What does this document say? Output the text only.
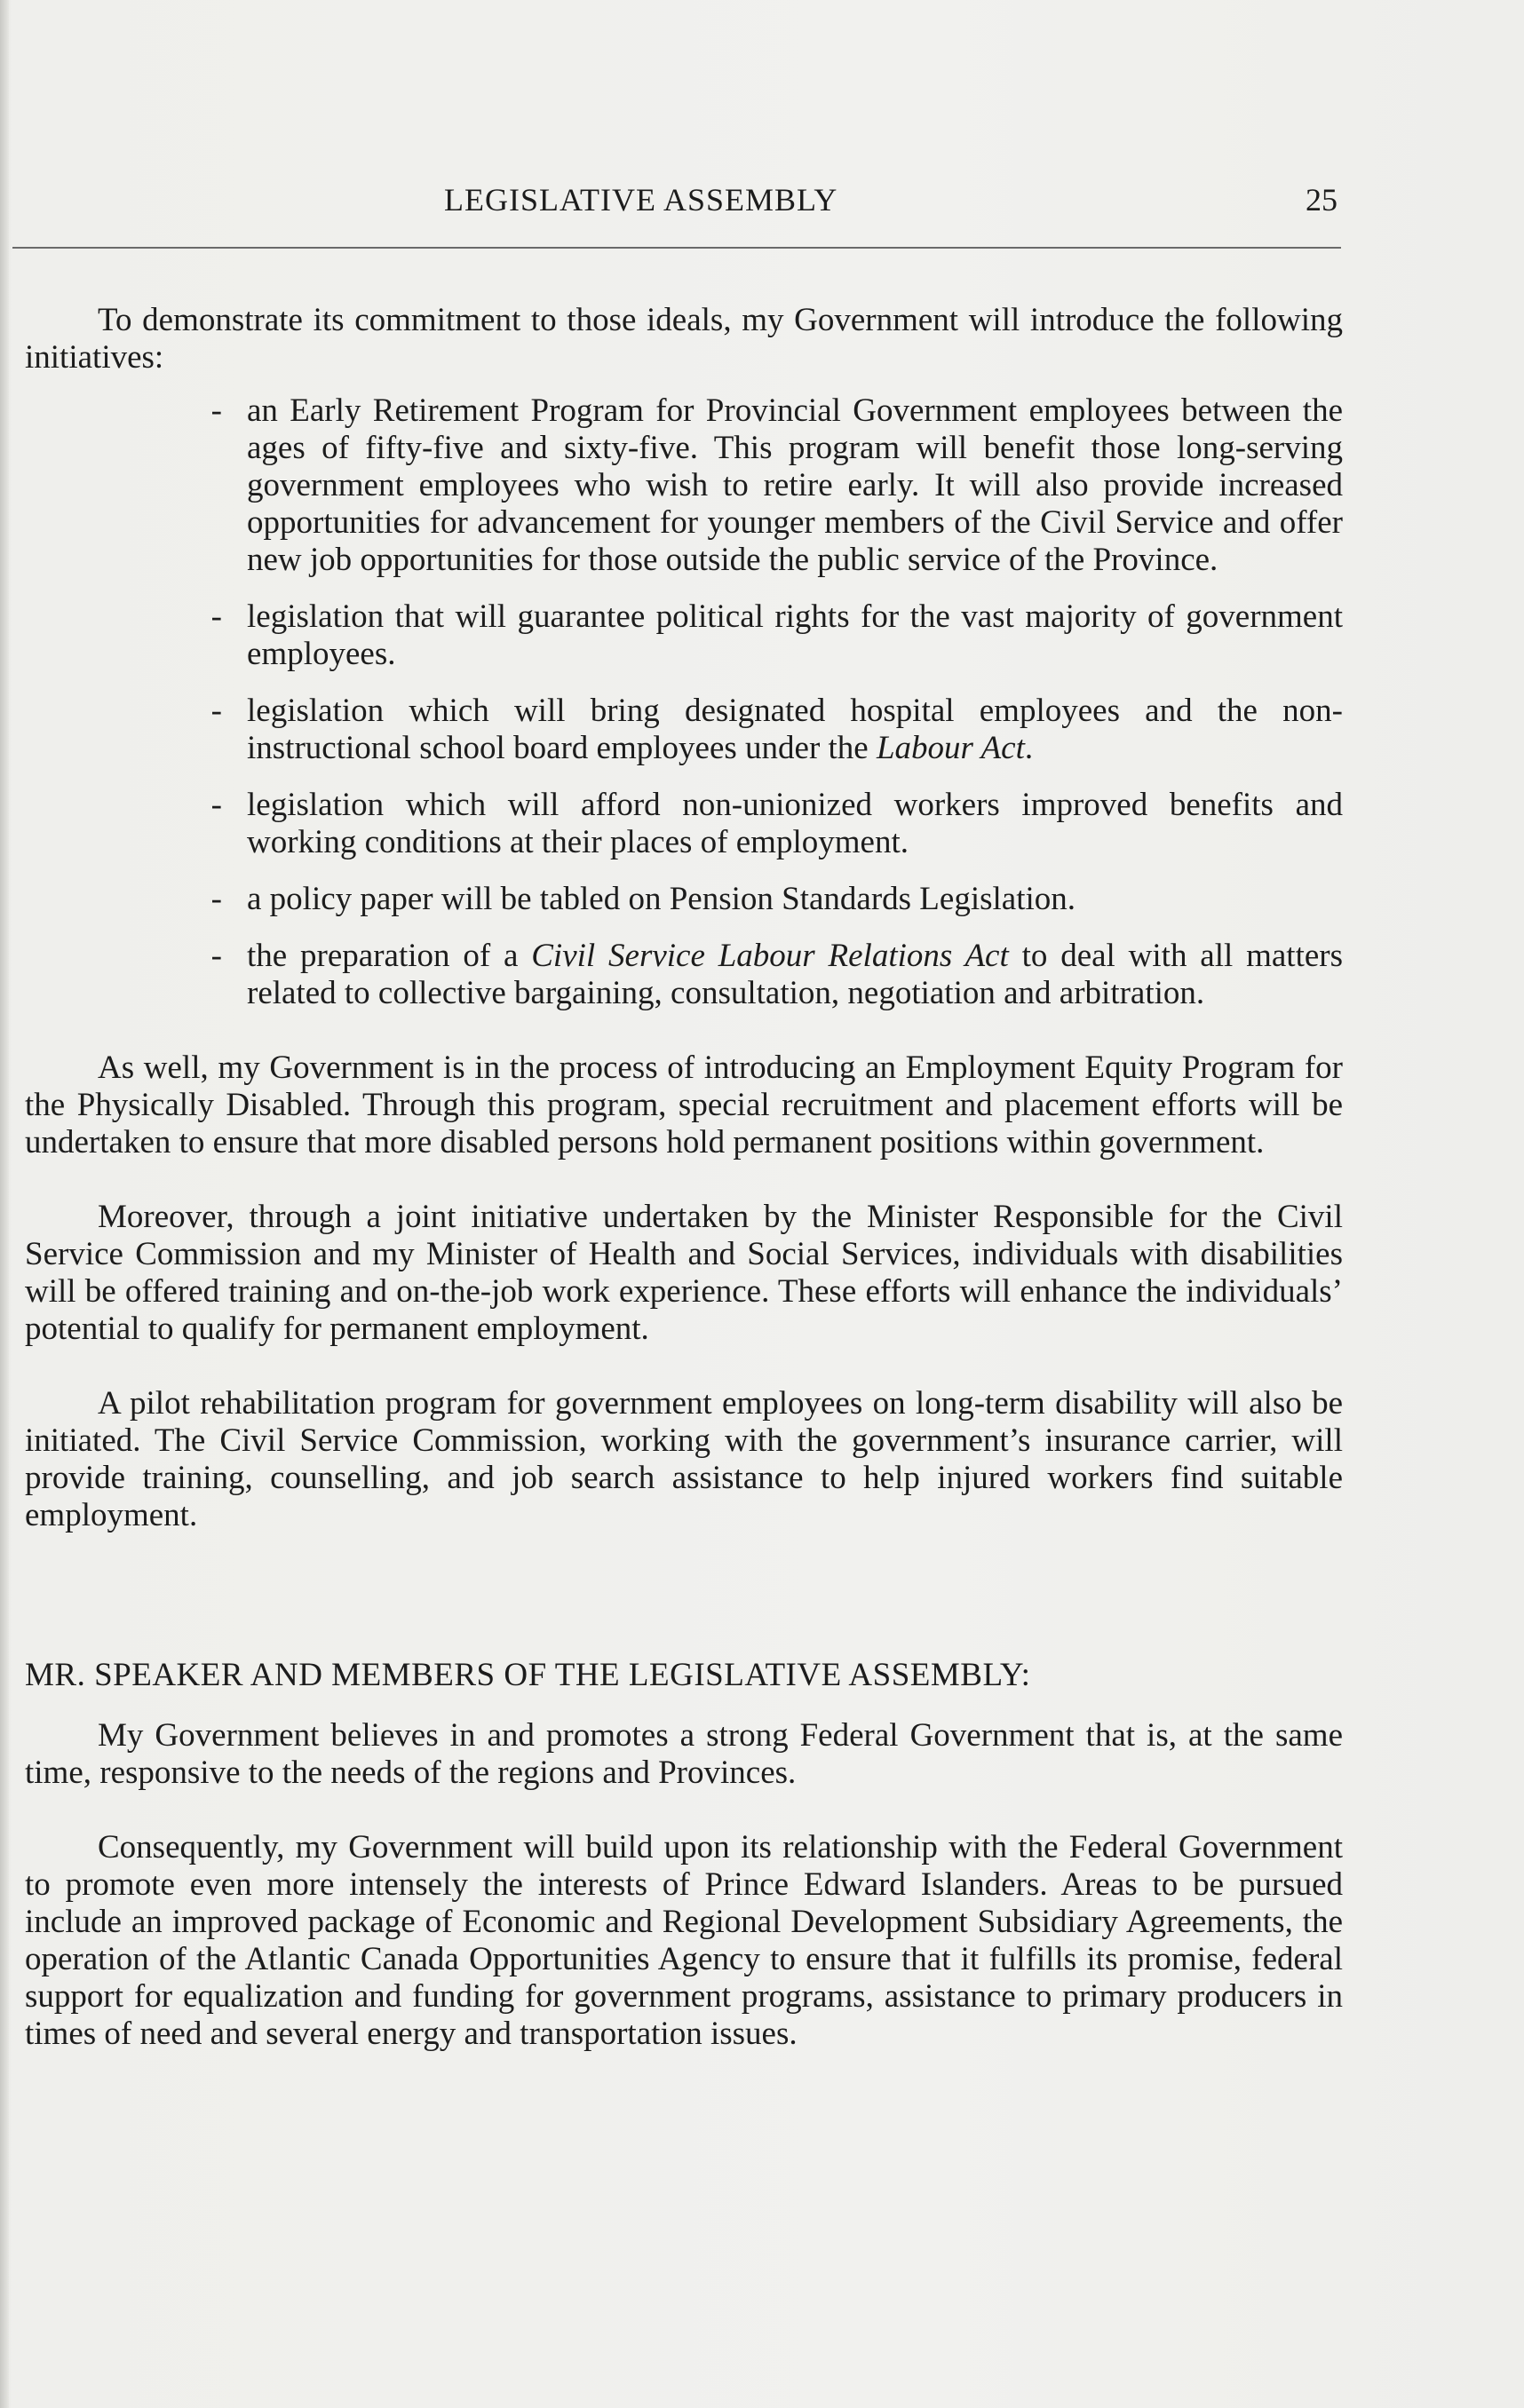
LEGISLATIVE ASSEMBLY	25

To demonstrate its commitment to those ideals, my Government will introduce the following initiatives:

- an Early Retirement Program for Provincial Government employees between the ages of fifty-five and sixty-five. This program will benefit those long-serving government employees who wish to retire early. It will also provide increased opportunities for advancement for younger members of the Civil Service and offer new job opportunities for those outside the public service of the Province.
- legislation that will guarantee political rights for the vast majority of government employees.
- legislation which will bring designated hospital employees and the non-instructional school board employees under the Labour Act.
- legislation which will afford non-unionized workers improved benefits and working conditions at their places of employment.
- a policy paper will be tabled on Pension Standards Legislation.
- the preparation of a Civil Service Labour Relations Act to deal with all matters related to collective bargaining, consultation, negotiation and arbitration.

As well, my Government is in the process of introducing an Employment Equity Program for the Physically Disabled. Through this program, special recruitment and placement efforts will be undertaken to ensure that more disabled persons hold permanent positions within government.

Moreover, through a joint initiative undertaken by the Minister Responsible for the Civil Service Commission and my Minister of Health and Social Services, individuals with disabilities will be offered training and on-the-job work experience. These efforts will enhance the individuals’ potential to qualify for permanent employment.

A pilot rehabilitation program for government employees on long-term disability will also be initiated. The Civil Service Commission, working with the government’s insurance carrier, will provide training, counselling, and job search assistance to help injured workers find suitable employment.

MR. SPEAKER AND MEMBERS OF THE LEGISLATIVE ASSEMBLY:

My Government believes in and promotes a strong Federal Government that is, at the same time, responsive to the needs of the regions and Provinces.

Consequently, my Government will build upon its relationship with the Federal Government to promote even more intensely the interests of Prince Edward Islanders. Areas to be pursued include an improved package of Economic and Regional Development Subsidiary Agreements, the operation of the Atlantic Canada Opportunities Agency to ensure that it fulfills its promise, federal support for equalization and funding for government programs, assistance to primary producers in times of need and several energy and transportation issues.
